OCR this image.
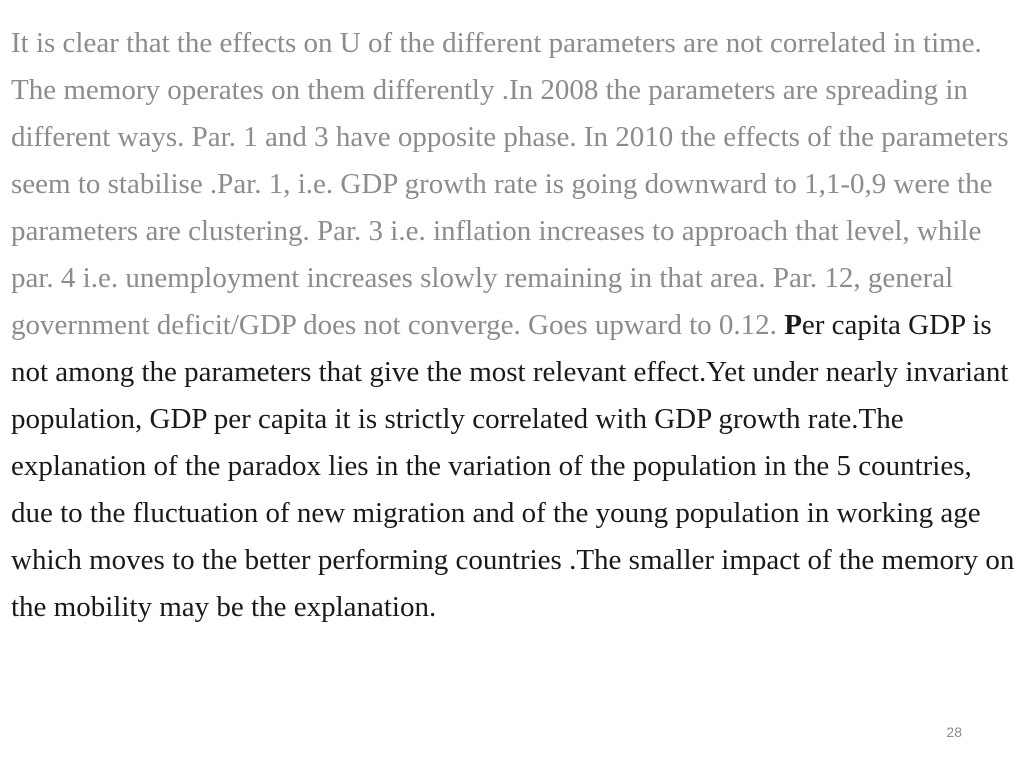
It is clear that the effects on U of the different parameters are not correlated in time. The memory operates on them differently .In 2008 the parameters are spreading in different ways. Par. 1 and 3 have opposite phase. In 2010 the effects of the parameters seem to stabilise .Par. 1, i.e. GDP growth rate is going downward to 1,1-0,9 were the parameters are clustering. Par. 3 i.e. inflation increases to approach that level, while par. 4 i.e. unemployment increases slowly remaining in that area. Par. 12, general government deficit/GDP does not converge. Goes upward to 0.12. Per capita GDP is not among the parameters that give the most relevant effect.Yet under nearly invariant population, GDP per capita it is strictly correlated with GDP growth rate.The explanation of the paradox lies in the variation of the population in the 5 countries, due to the fluctuation of new migration and of the young population in working age which moves to the better performing countries .The smaller impact of the memory on the mobility may be the explanation.

28
